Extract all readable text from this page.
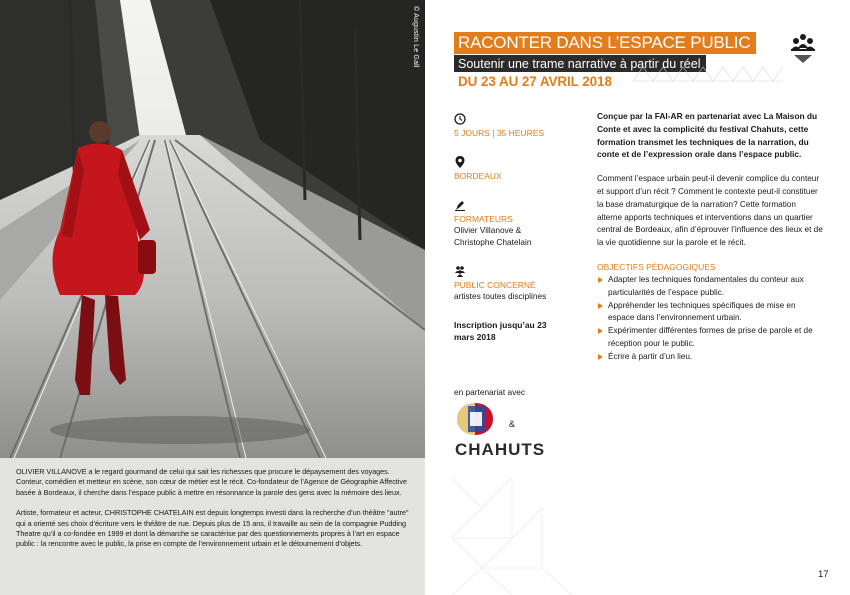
© Augustin Le Gall

OLIVIER VILLANOVE a le regard gourmand de celui qui sait les richesses que procure le dépaysement des voyages. Conteur, comédien et metteur en scène, son cœur de métier est le récit. Co-fondateur de l’Agence de Géographie Affective basée à Bordeaux, il cherche dans l’espace public à mettre en résonnance la parole des gens avec la mémoire des lieux.

Artiste, formateur et acteur, CHRISTOPHE CHATELAIN est depuis longtemps investi dans la recherche d’un théâtre "autre" qui a orienté ses choix d’écriture vers le théâtre de rue. Depuis plus de 15 ans, il travaille au sein de la compagnie Pudding Theatre qu’il a co-fondée en 1999 et dont la démarche se caractérise par des questionnements propres à l’art en espace public : la rencontre avec le public, la prise en compte de l’environnement urbain et le détournement d’objets.

RACONTER DANS L’ESPACE PUBLIC
Soutenir une trame narrative à partir du réel
DU 23 AU 27 AVRIL 2018
5 JOURS | 35 HEURES
BORDEAUX
FORMATEURS
Olivier Villanove &
Christophe Chatelain
PUBLIC CONCERNÉ
artistes toutes disciplines
Inscription jusqu’au 23
mars 2018
en partenariat avec
&
CHAHUTS

Conçue par la FAI-AR en partenariat avec La Maison du Conte et avec la complicité du festival Chahuts, cette formation transmet les techniques de la narration, du conte et de l’expression orale dans l’espace public.

Comment l’espace urbain peut-il devenir complice du conteur et support d’un récit ? Comment le contexte peut-il constituer la base dramaturgique de la narration? Cette formation alterne apports techniques et interventions dans un quartier central de Bordeaux, afin d’éprouver l’influence des lieux et de la vie quotidienne sur la parole et le récit.

OBJECTIFS PÉDAGOGIQUES
Adapter les techniques fondamentales du conteur aux particularités de l’espace public.
Appréhender les techniques spécifiques de mise en espace dans l’environnement urbain.
Expérimenter différentes formes de prise de parole et de réception pour le public.
Écrire à partir d’un lieu.
17
